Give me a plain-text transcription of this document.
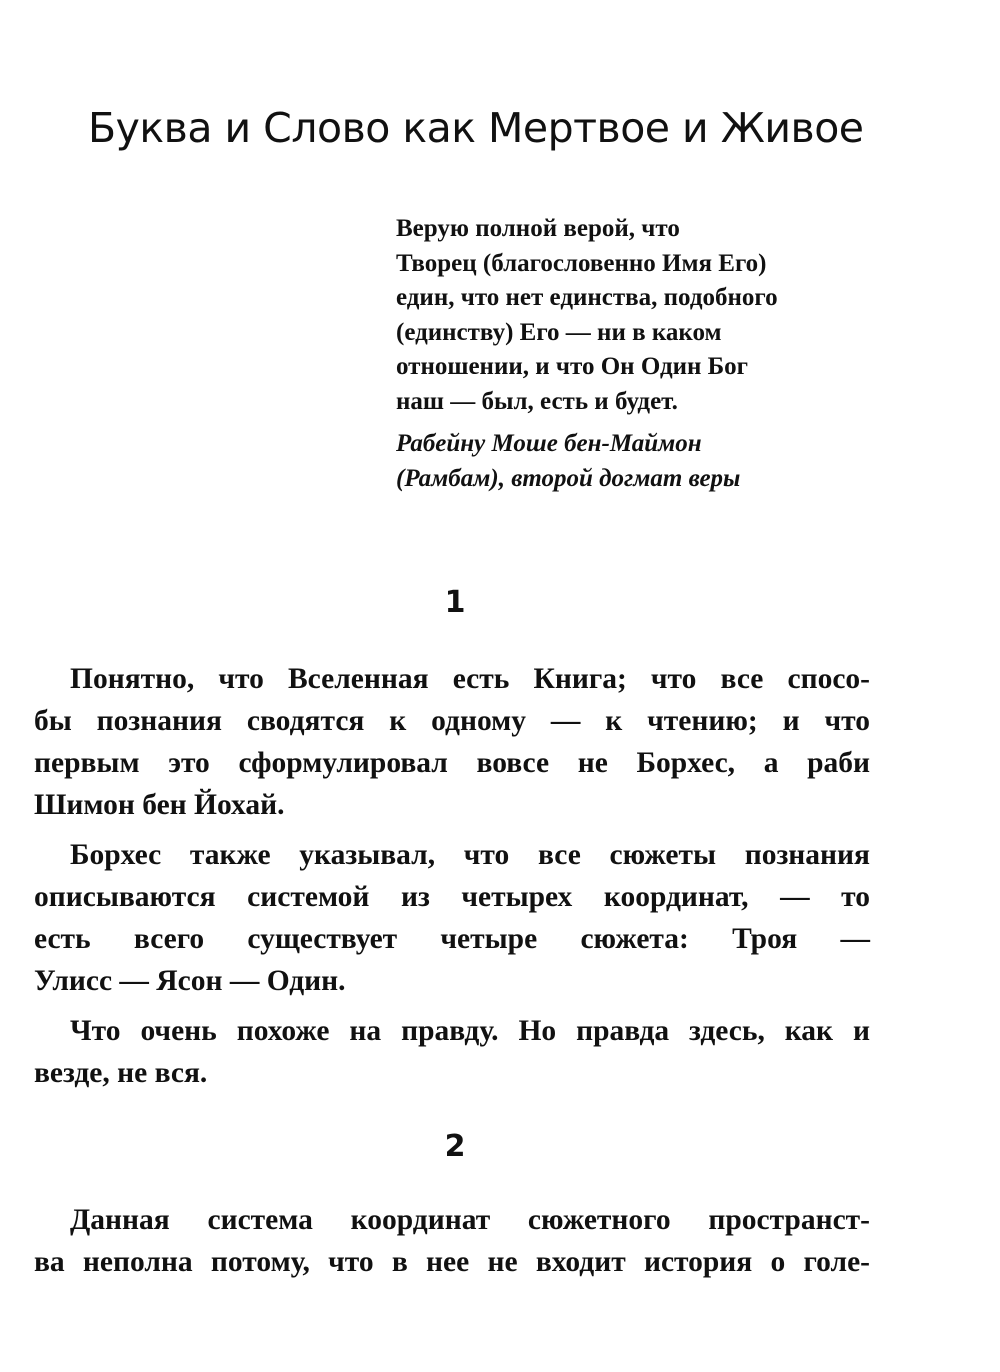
Буква и Слово как Мертвое и Живое
Верую полной верой, что
Творец (благословенно Имя Его)
един, что нет единства, подобного
(единству) Его — ни в каком
отношении, и что Он Один Бог
наш — был, есть и будет.
Рабейну Моше бен-Маймон
(Рамбам), второй догмат веры
1

Понятно, что Вселенная есть Книга; что все спосо-
бы познания сводятся к одному — к чтению; и что
первым это сформулировал вовсе не Борхес, а раби
Шимон бен Йохай.

Борхес также указывал, что все сюжеты познания
описываются системой из четырех координат, — то
есть всего существует четыре сюжета: Троя —
Улисс — Ясон — Один.

Что очень похоже на правду. Но правда здесь, как и
везде, не вся.

2

Данная система координат сюжетного пространст-
ва неполна потому, что в нее не входит история о голе-
